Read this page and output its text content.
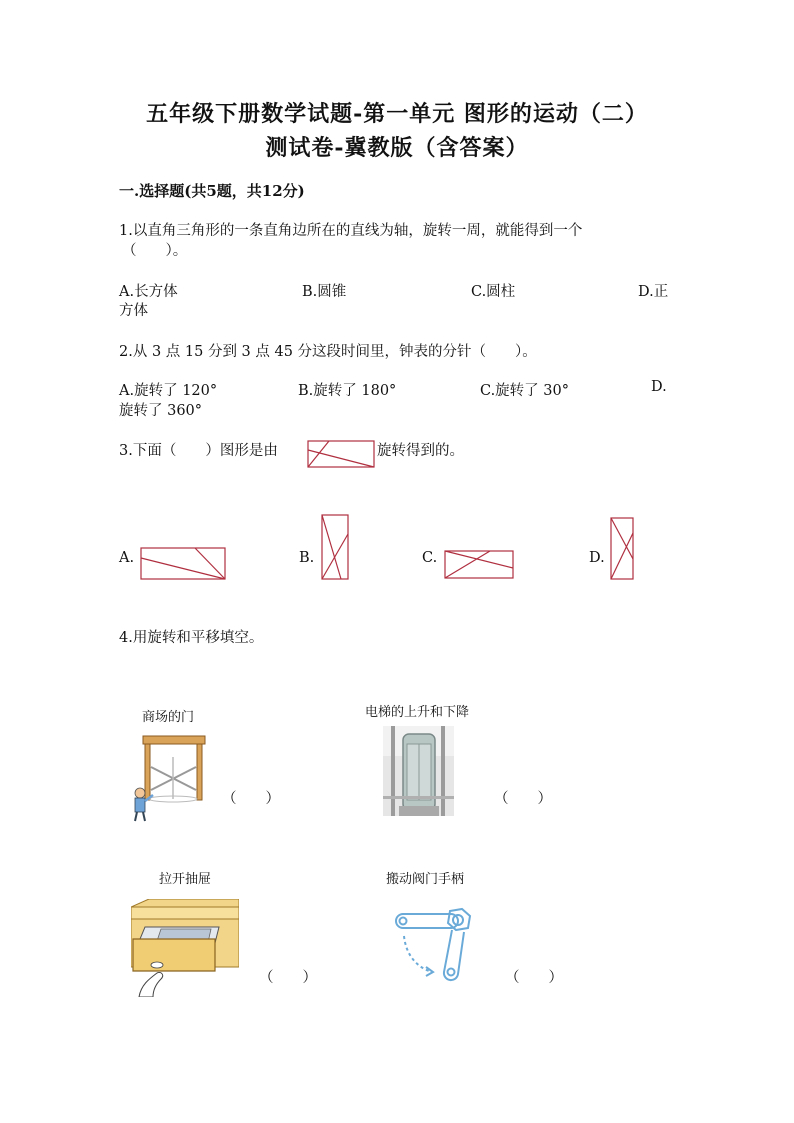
五年级下册数学试题-第一单元 图形的运动（二）
测试卷-冀教版（含答案）
一.选择题(共5题，共12分)
1.以直角三角形的一条直角边所在的直线为轴，旋转一周，就能得到一个
（　　）。
A.长方体	B.圆锥	C.圆柱	D.正
方体
2.从 3 点 15 分到 3 点 45 分这段时间里，钟表的分针（　　）。
A.旋转了 120°	B.旋转了 180°	C.旋转了 30°	D.
旋转了 360°
3.下面（　　）图形是由	旋转得到的。
A.	B.	C.	D.
4.用旋转和平移填空。
商场的门
（　　）
电梯的上升和下降
（　　）
拉开抽屉
（　　）
搬动阀门手柄
（　　）
